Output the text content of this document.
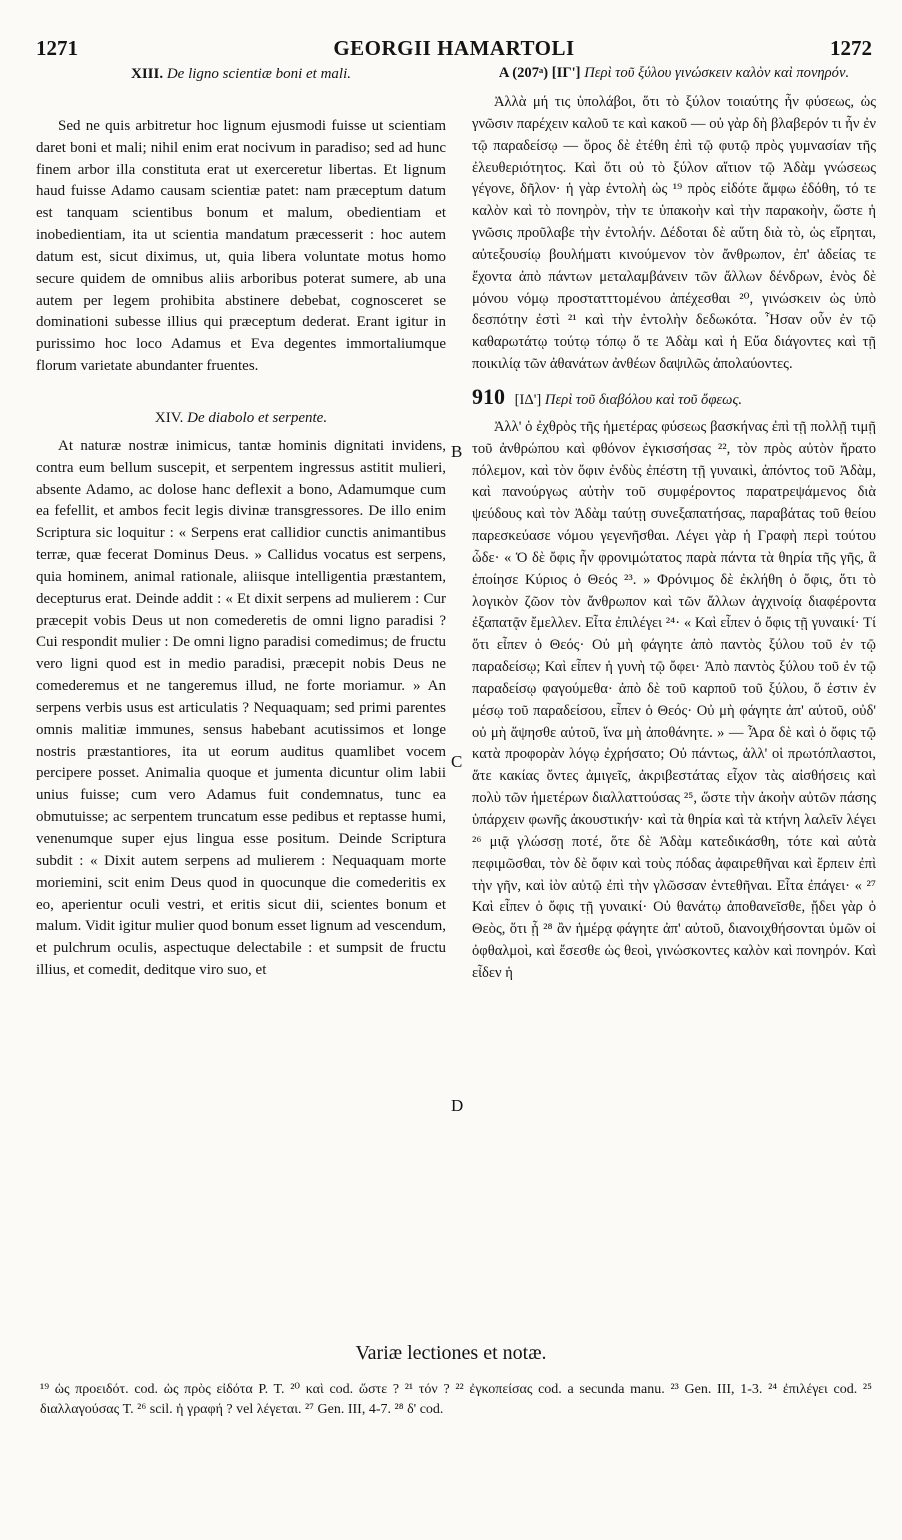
1271	GEORGII HAMARTOLI	1272
XIII. De ligno scientiæ boni et mali.

Sed ne quis arbitretur hoc lignum ejusmodi fuisse ut scientiam daret boni et mali; nihil enim erat nocivum in paradiso; sed ad hunc finem arbor illa constituta erat ut exerceretur libertas. Et lignum haud fuisse Adamo causam scientiæ patet: nam præceptum datum est tanquam scientibus bonum et malum, obedientiam et inobedientiam, ita ut scientia mandatum præcesserit : hoc autem datum est, sicut diximus, ut, quia libera voluntate motus homo secure quidem de omnibus aliis arboribus poterat sumere, ab una autem per legem prohibita abstinere debebat, cognosceret se dominationi subesse illius qui præceptum dederat. Erant igitur in purissimo hoc loco Adamus et Eva degentes immortaliumque florum varietate abundanter fruentes.

XIV. De diabolo et serpente.

At naturæ nostræ inimicus, tantæ hominis dignitati invidens, contra eum bellum suscepit, et serpentem ingressus astitit mulieri, absente Adamo, ac dolose hanc deflexit a bono, Adamumque cum ea fefellit, et ambos fecit legis divinæ transgressores. De illo enim Scriptura sic loquitur : « Serpens erat callidior cunctis animantibus terræ, quæ fecerat Dominus Deus. » Callidus vocatus est serpens, quia hominem, animal rationale, aliisque intelligentia præstantem, decepturus erat. Deinde addit : « Et dixit serpens ad mulierem : Cur præcepit vobis Deus ut non comederetis de omni ligno paradisi ? Cui respondit mulier : De omni ligno paradisi comedimus; de fructu vero ligni quod est in medio paradisi, præcepit nobis Deus ne comederemus et ne tangeremus illud, ne forte moriamur. » An serpens verbis usus est articulatis ? Nequaquam; sed primi parentes omnis malitiæ immunes, sensus habebant acutissimos et longe nostris præstantiores, ita ut eorum auditus quamlibet vocem percipere posset. Animalia quoque et jumenta dicuntur olim labii unius fuisse; cum vero Adamus fuit condemnatus, tunc ea obmutuisse; ac serpentem truncatum esse pedibus et reptasse humi, venenumque super ejus lingua esse positum. Deinde Scriptura subdit : « Dixit autem serpens ad mulierem : Nequaquam morte moriemini, scit enim Deus quod in quocunque die comederitis ex eo, aperientur oculi vestri, et eritis sicut dii, scientes bonum et malum. Vidit igitur mulier quod bonum esset lignum ad vescendum, et pulchrum oculis, aspectuque delectabile : et sumpsit de fructu illius, et comedit, deditque viro suo, et

B
C
D
A (207ᵃ) [ΙΓ'] Περὶ τοῦ ξύλου γινώσκειν καλὸν καὶ πονηρόν.

Ἀλλὰ μή τις ὑπολάβοι, ὅτι τὸ ξύλον τοιαύτης ἦν φύσεως, ὡς γνῶσιν παρέχειν καλοῦ τε καὶ κακοῦ — οὐ γὰρ δὴ βλαβερόν τι ἦν ἐν τῷ παραδείσῳ — ὅρος δὲ ἐτέθη ἐπὶ τῷ φυτῷ πρὸς γυμνασίαν τῆς ἐλευθεριότητος. Καὶ ὅτι οὐ τὸ ξύλον αἴτιον τῷ Ἀδὰμ γνώσεως γέγονε, δῆλον· ἡ γὰρ ἐντολὴ ὡς ¹⁹ πρὸς εἰδότε ἄμφω ἐδόθη, τό τε καλὸν καὶ τὸ πονηρὸν, τὴν τε ὑπακοὴν καὶ τὴν παρακοὴν, ὥστε ἡ γνῶσις προῦλαβε τὴν ἐντολήν. Δέδοται δὲ αὕτη διὰ τὸ, ὡς εἴρηται, αὐτεξουσίῳ βουλήματι κινούμενον τὸν ἄνθρωπον, ἐπ' ἀδείας τε ἔχοντα ἀπὸ πάντων μεταλαμβάνειν τῶν ἄλλων δένδρων, ἑνὸς δὲ μόνου νόμῳ προστατττομένου ἀπέχεσθαι ²⁰, γινώσκειν ὡς ὑπὸ δεσπότην ἐστὶ ²¹ καὶ τὴν ἐντολὴν δεδωκότα. Ἦσαν οὖν ἐν τῷ καθαρωτάτῳ τούτῳ τόπῳ ὅ τε Ἀδὰμ καὶ ἡ Εὔα διάγοντες καὶ τῇ ποικιλίᾳ τῶν ἀθανάτων ἀνθέων δαψιλῶς ἀπολαύοντες.

910 [ΙΔ'] Περὶ τοῦ διαβόλου καὶ τοῦ ὄφεως.

Ἀλλ' ὁ ἐχθρὸς τῆς ἡμετέρας φύσεως βασκήνας ἐπὶ τῇ πολλῇ τιμῇ τοῦ ἀνθρώπου καὶ φθόνον ἐγκισσήσας ²², τὸν πρὸς αὐτὸν ἤρατο πόλεμον, καὶ τὸν ὄφιν ἐνδὺς ἐπέστη τῇ γυναικὶ, ἀπόντος τοῦ Ἀδὰμ, καὶ πανούργως αὐτὴν τοῦ συμφέροντος παρατρεψάμενος διὰ ψεύδους καὶ τὸν Ἀδὰμ ταύτῃ συνεξαπατήσας, παραβάτας τοῦ θείου παρεσκεύασε νόμου γεγενῆσθαι. Λέγει γὰρ ἡ Γραφὴ περὶ τούτου ὧδε· « Ὁ δὲ ὄφις ἦν φρονιμώτατος παρὰ πάντα τὰ θηρία τῆς γῆς, ἃ ἐποίησε Κύριος ὁ Θεός ²³. » Φρόνιμος δὲ ἐκλήθη ὁ ὄφις, ὅτι τὸ λογικὸν ζῶον τὸν ἄνθρωπον καὶ τῶν ἄλλων ἀγχινοίᾳ διαφέροντα ἐξαπατᾷν ἔμελλεν. Εἶτα ἐπιλέγει ²⁴· « Καὶ εἶπεν ὁ ὄφις τῇ γυναικί· Τί ὅτι εἶπεν ὁ Θεός· Οὐ μὴ φάγητε ἀπὸ παντὸς ξύλου τοῦ ἐν τῷ παραδείσῳ; Καὶ εἶπεν ἡ γυνὴ τῷ ὄφει· Ἀπὸ παντὸς ξύλου τοῦ ἐν τῷ παραδείσῳ φαγούμεθα· ἀπὸ δὲ τοῦ καρποῦ τοῦ ξύλου, ὅ ἐστιν ἐν μέσῳ τοῦ παραδείσου, εἶπεν ὁ Θεός· Οὐ μὴ φάγητε ἀπ' αὐτοῦ, οὐδ' οὐ μὴ ἅψησθε αὐτοῦ, ἵνα μὴ ἀποθάνητε. » — Ἆρα δὲ καὶ ὁ ὄφις τῷ κατὰ προφορὰν λόγῳ ἐχρήσατο; Οὐ πάντως, ἀλλ' οἱ πρωτόπλαστοι, ἅτε κακίας ὄντες ἀμιγεῖς, ἀκριβεστάτας εἶχον τὰς αἰσθήσεις καὶ πολὺ τῶν ἡμετέρων διαλλαττούσας ²⁵, ὥστε τὴν ἀκοὴν αὐτῶν πάσης ὑπάρχειν φωνῆς ἀκουστικήν· καὶ τὰ θηρία καὶ τὰ κτήνη λαλεῖν λέγει ²⁶ μιᾷ γλώσσῃ ποτέ, ὅτε δὲ Ἀδὰμ κατεδικάσθη, τότε καὶ αὐτὰ πεφιμῶσθαι, τὸν δὲ ὄφιν καὶ τοὺς πόδας ἀφαιρεθῆναι καὶ ἕρπειν ἐπὶ τὴν γῆν, καὶ ἰὸν αὐτῷ ἐπὶ τὴν γλῶσσαν ἐντεθῆναι. Εἶτα ἐπάγει· « ²⁷ Καὶ εἶπεν ὁ ὄφις τῇ γυναικί· Οὐ θανάτῳ ἀποθανεῖσθε, ᾔδει γὰρ ὁ Θεὸς, ὅτι ᾗ ²⁸ ἂν ἡμέρᾳ φάγητε ἀπ' αὐτοῦ, διανοιχθήσονται ὑμῶν οἱ ὀφθαλμοὶ, καὶ ἔσεσθε ὡς θεοὶ, γινώσκοντες καλὸν καὶ πονηρόν. Καὶ εἶδεν ἡ

Variæ lectiones et notæ.
¹⁹ ὡς προειδότ. cod. ὡς πρὸς εἰδότα P. T. ²⁰ καὶ cod. ὥστε ? ²¹ τόν ? ²² ἐγκοπείσας cod. a secunda manu. ²³ Gen. III, 1-3. ²⁴ ἐπιλέγει cod. ²⁵ διαλλαγούσας T. ²⁶ scil. ἡ γραφή ? vel λέγεται. ²⁷ Gen. III, 4-7. ²⁸ δ' cod.
